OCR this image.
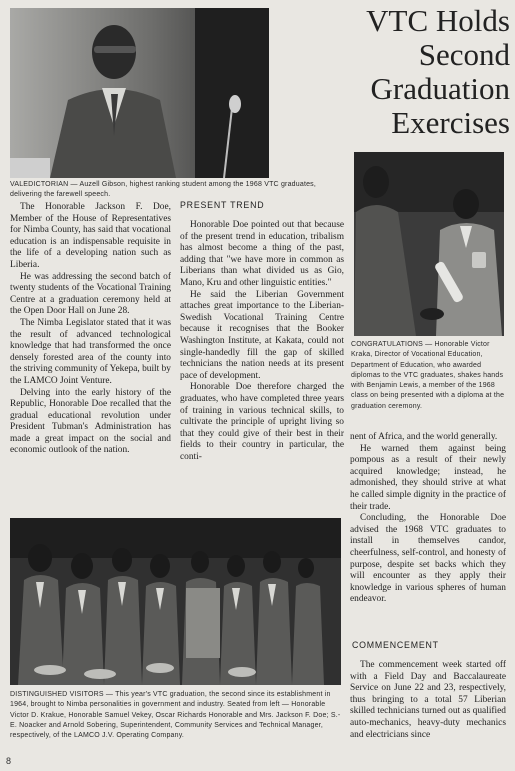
VALEDICTORIAN — Auzell Gibson, highest ranking student among the 1968 VTC graduates, delivering the farewell speech.
VTC Holds
Second
Graduation
Exercises
CONGRATULATIONS — Honorable Victor Kraka, Director of Vocational Education, Department of Education, who awarded diplomas to the VTC graduates, shakes hands with Benjamin Lewis, a member of the 1968 class on being presented with a diploma at the graduation ceremony.

The Honorable Jackson F. Doe, Member of the House of Representatives for Nimba County, has said that vocational education is an indispensable requisite in the life of a developing nation such as Liberia.

He was addressing the second batch of twenty students of the Vocational Training Centre at a graduation ceremony held at the Open Door Hall on June 28.

The Nimba Legislator stated that it was the result of advanced technological knowledge that had transformed the once densely forested area of the county into the striving community of Yekepa, built by the LAMCO Joint Venture.

Delving into the early history of the Republic, Honorable Doe recalled that the gradual educational revolution under President Tubman's Administration has made a great impact on the social and economic outlook of the nation.

PRESENT TREND

Honorable Doe pointed out that because of the present trend in education, tribalism has almost become a thing of the past, adding that "we have more in common as Liberians than what divided us as Gio, Mano, Kru and other linguistic entities."

He said the Liberian Government attaches great importance to the Liberian-Swedish Vocational Training Centre because it recognises that the Booker Washington Institute, at Kakata, could not single-handedly fill the gap of skilled technicians the nation needs at its present pace of development.

Honorable Doe therefore charged the graduates, who have completed three years of training in various technical skills, to cultivate the principle of upright living so that they could give of their best in their fields to their country in particular, the conti-

nent of Africa, and the world generally.

He warned them against being pompous as a result of their newly acquired knowledge; instead, he admonished, they should strive at what he called simple dignity in the practice of their trade.

Concluding, the Honorable Doe advised the 1968 VTC graduates to install in themselves candor, cheerfulness, self-control, and honesty of purpose, despite set backs which they will encounter as they apply their knowledge in various spheres of human endeavor.

COMMENCEMENT

The commencement week started off with a Field Day and Baccalaureate Service on June 22 and 23, respectively, thus bringing to a total 57 Liberian skilled technicians turned out as qualified auto-mechanics, heavy-duty mechanics and electricians since

DISTINGUISHED VISITORS — This year's VTC graduation, the second since its establishment in 1964, brought to Nimba personalities in government and industry. Seated from left — Honorable Victor D. Krakue, Honorable Samuel Vekey, Oscar Richards Honorable and Mrs. Jackson F. Doe; S.-E. Noacker and Arnold Sobering, Superintendent, Community Services and Technical Manager, respectively, of the LAMCO J.V. Operating Company.
8
